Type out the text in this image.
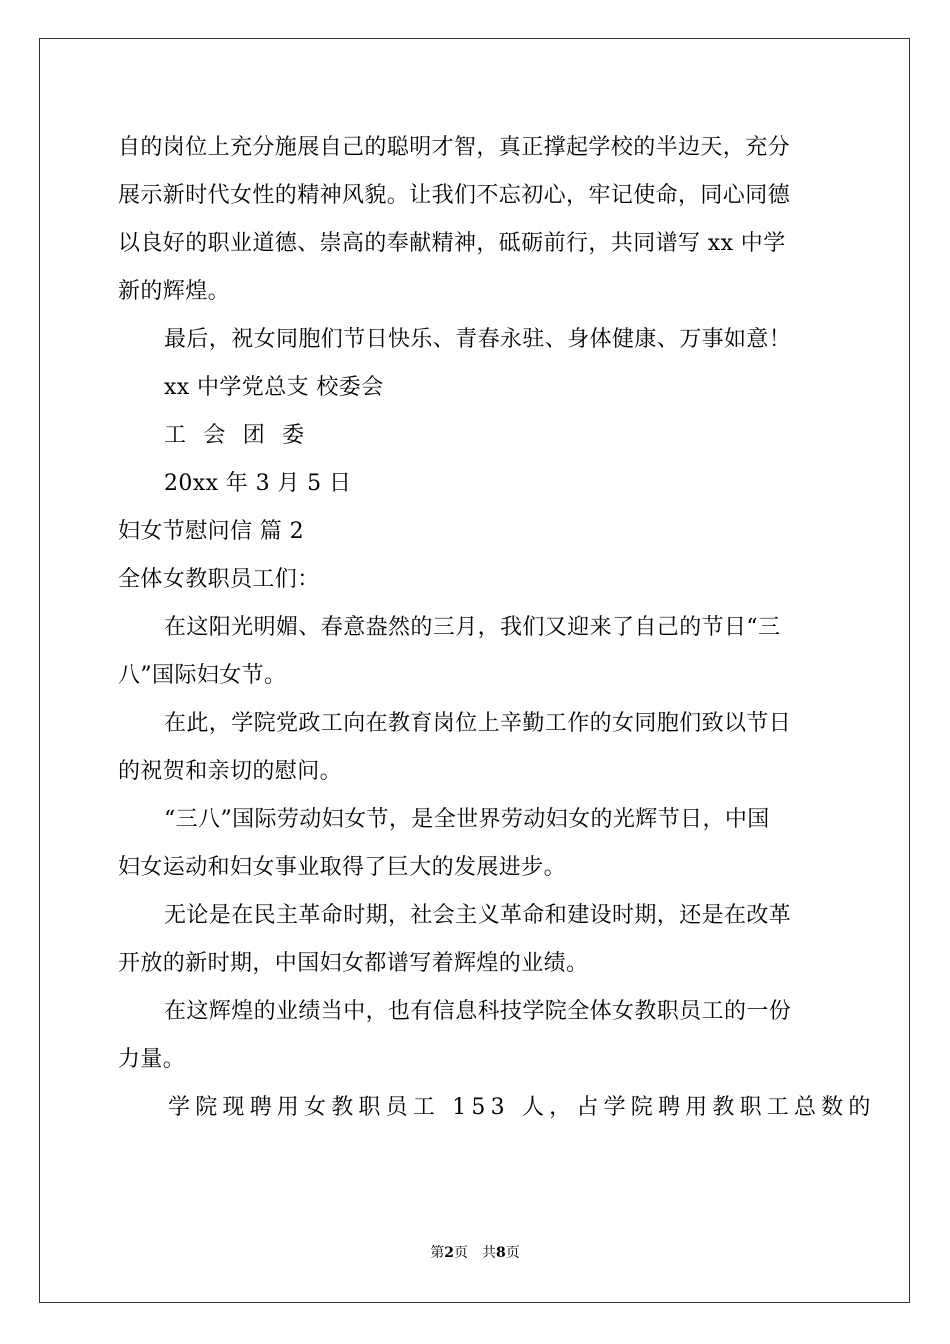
自的岗位上充分施展自己的聪明才智，真正撑起学校的半边天，充分
展示新时代女性的精神风貌。让我们不忘初心，牢记使命，同心同德
以良好的职业道德、崇高的奉献精神，砥砺前行，共同谱写 xx 中学
新的辉煌。
最后，祝女同胞们节日快乐、青春永驻、身体健康、万事如意！
xx 中学党总支 校委会
工 会 团 委
20xx 年 3 月 5 日
妇女节慰问信 篇 2
全体女教职员工们：
在这阳光明媚、春意盎然的三月，我们又迎来了自己的节日“三
八”国际妇女节。
在此，学院党政工向在教育岗位上辛勤工作的女同胞们致以节日
的祝贺和亲切的慰问。
“三八”国际劳动妇女节，是全世界劳动妇女的光辉节日，中国
妇女运动和妇女事业取得了巨大的发展进步。
无论是在民主革命时期，社会主义革命和建设时期，还是在改革
开放的新时期，中国妇女都谱写着辉煌的业绩。
在这辉煌的业绩当中，也有信息科技学院全体女教职员工的一份
力量。
学院现聘用女教职员工 153 人，占学院聘用教职工总数的
第2页　共8页
